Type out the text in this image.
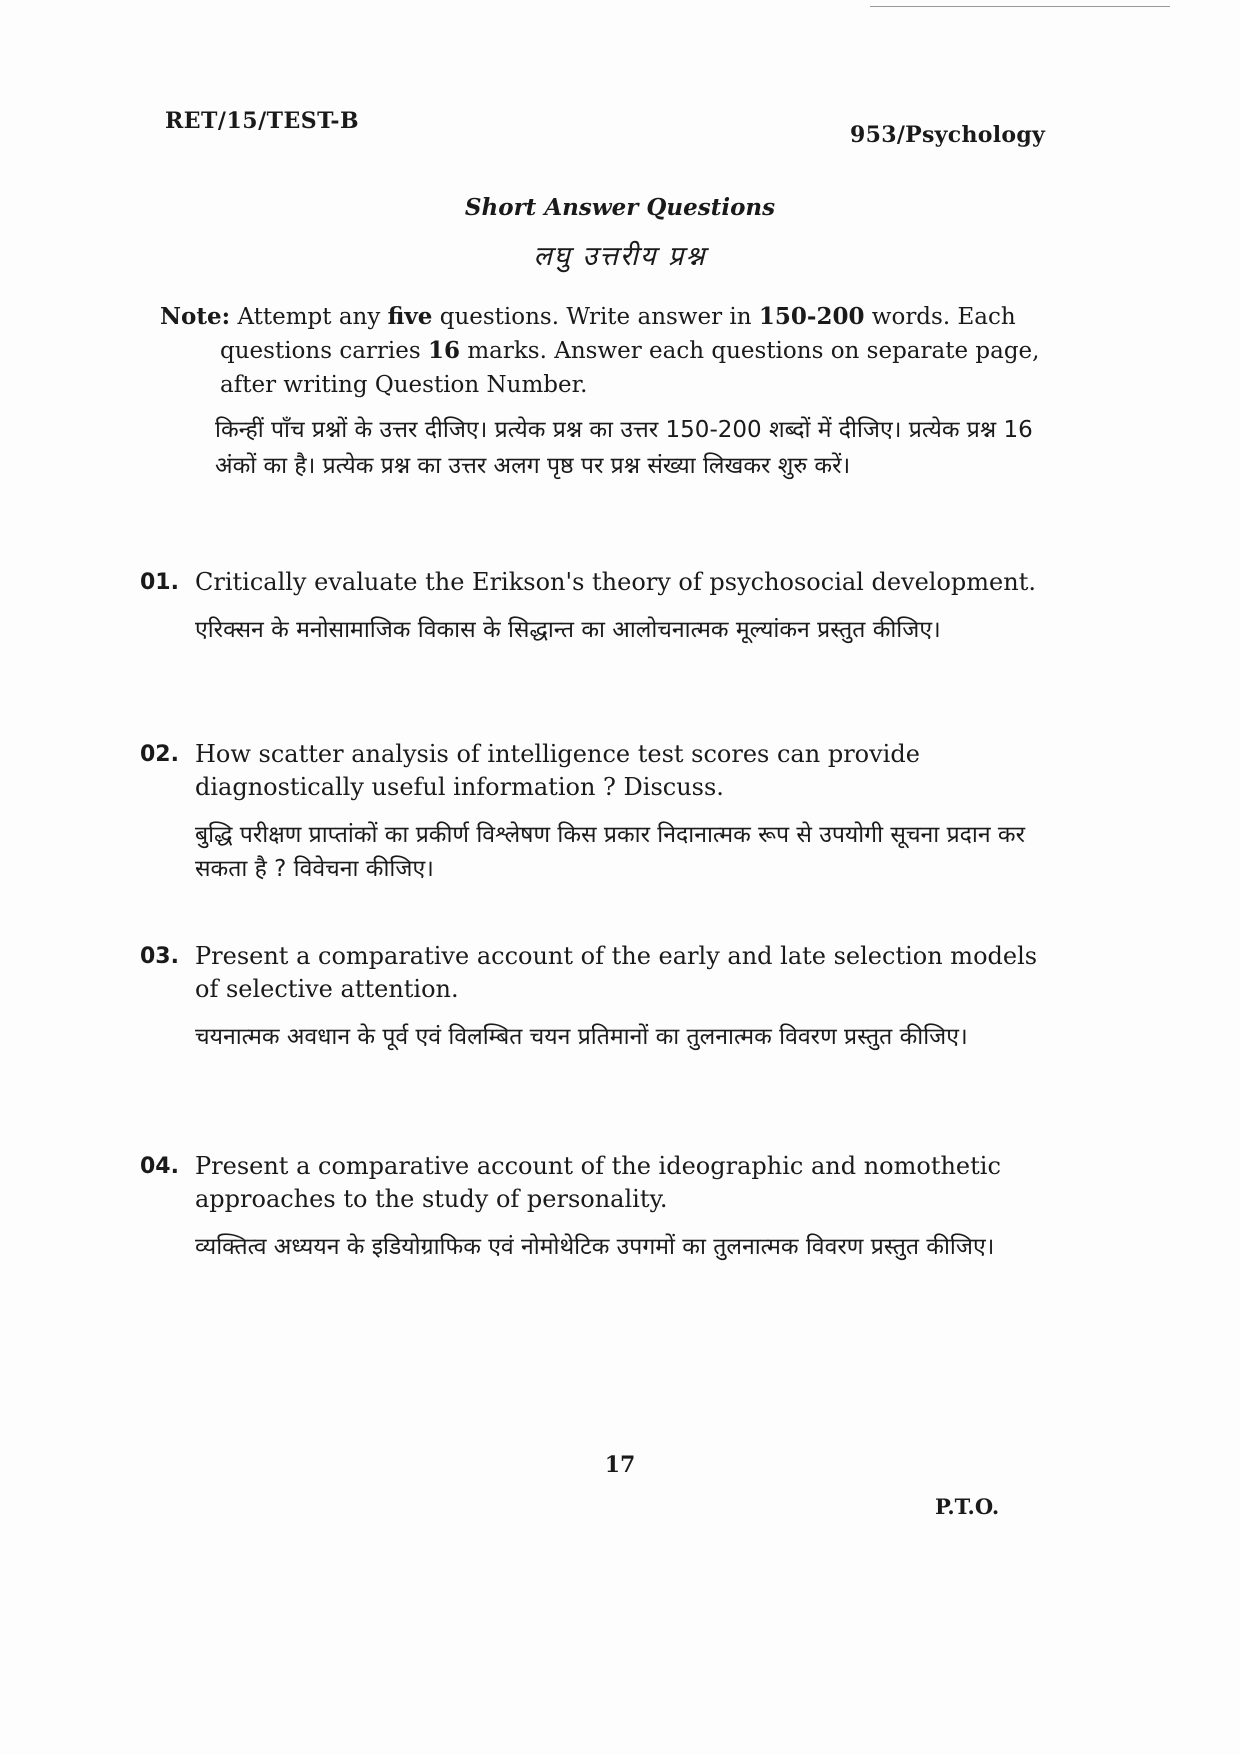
RET/15/TEST-B
953/Psychology
Short Answer Questions
लघु उत्तरीय प्रश्न
Note: Attempt any five questions. Write answer in 150-200 words. Each questions carries 16 marks. Answer each questions on separate page, after writing Question Number.
किन्हीं पाँच प्रश्नों के उत्तर दीजिए। प्रत्येक प्रश्न का उत्तर 150-200 शब्दों में दीजिए। प्रत्येक प्रश्न 16 अंकों का है। प्रत्येक प्रश्न का उत्तर अलग पृष्ठ पर प्रश्न संख्या लिखकर शुरु करें।
01. Critically evaluate the Erikson's theory of psychosocial development.
एरिक्सन के मनोसामाजिक विकास के सिद्धान्त का आलोचनात्मक मूल्यांकन प्रस्तुत कीजिए।
02. How scatter analysis of intelligence test scores can provide diagnostically useful information ? Discuss.
बुद्धि परीक्षण प्राप्तांकों का प्रकीर्ण विश्लेषण किस प्रकार निदानात्मक रूप से उपयोगी सूचना प्रदान कर सकता है ? विवेचना कीजिए।
03. Present a comparative account of the early and late selection models of selective attention.
चयनात्मक अवधान के पूर्व एवं विलम्बित चयन प्रतिमानों का तुलनात्मक विवरण प्रस्तुत कीजिए।
04. Present a comparative account of the ideographic and nomothetic approaches to the study of personality.
व्यक्तित्व अध्ययन के इडियोग्राफिक एवं नोमोथेटिक उपगमों का तुलनात्मक विवरण प्रस्तुत कीजिए।
17
P.T.O.
